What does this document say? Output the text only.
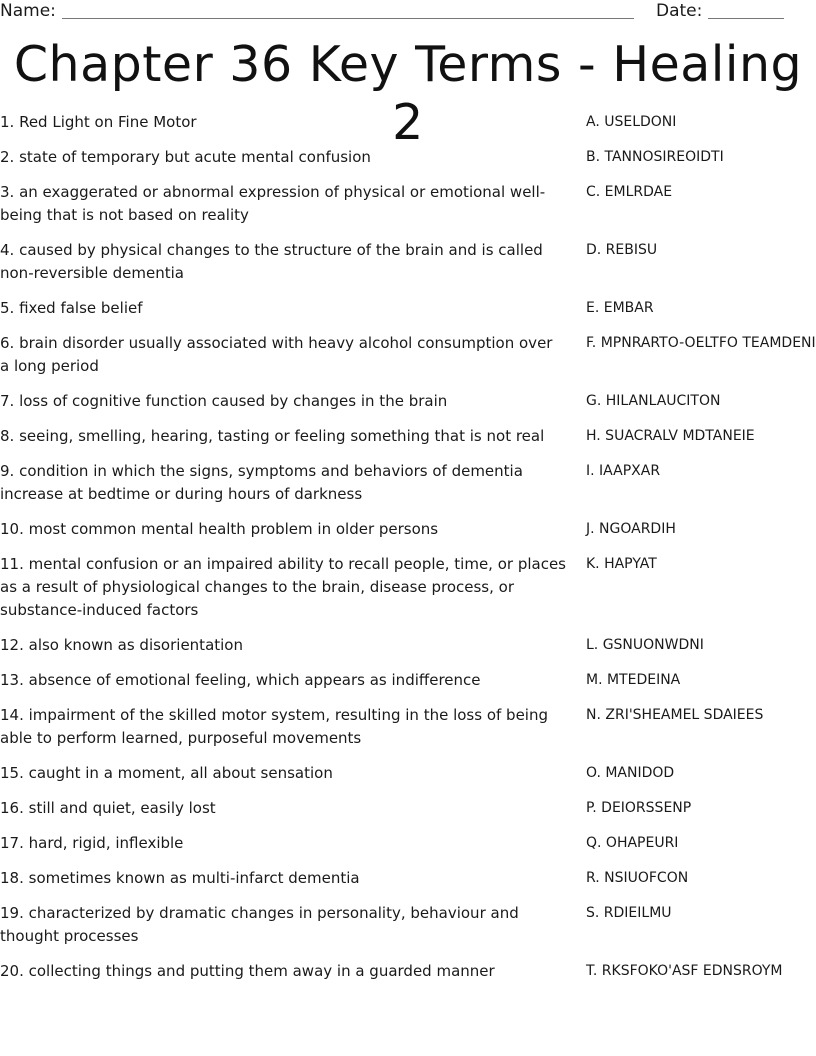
Name:	Date:
Chapter 36 Key Terms - Healing 2
1. Red Light on Fine Motor	A. USELDONI
2. state of temporary but acute mental confusion	B. TANNOSIREOIDTI
3. an exaggerated or abnormal expression of physical or emotional well-being that is not based on reality
C. EMLRDAE
4. caused by physical changes to the structure of the brain and is called non-reversible dementia
D. REBISU
5. fixed false belief	E. EMBAR
6. brain disorder usually associated with heavy alcohol consumption over a long period
F. MPNRARTO-OELTFO TEAMDENI
7. loss of cognitive function caused by changes in the brain	G. HILANLAUCITON
8. seeing, smelling, hearing, tasting or feeling something that is not real	H. SUACRALV MDTANEIE
9. condition in which the signs, symptoms and behaviors of dementia increase at bedtime or during hours of darkness
I. IAAPXAR
10. most common mental health problem in older persons	J. NGOARDIH
11. mental confusion or an impaired ability to recall people, time, or places as a result of physiological changes to the brain, disease process, or substance-induced factors
K. HAPYAT
12. also known as disorientation	L. GSNUONWDNI
13. absence of emotional feeling, which appears as indifference	M. MTEDEINA
14. impairment of the skilled motor system, resulting in the loss of being able to perform learned, purposeful movements
N. ZRI'SHEAMEL SDAIEES
15. caught in a moment, all about sensation	O. MANIDOD
16. still and quiet, easily lost	P. DEIORSSENP
17. hard, rigid, inflexible	Q. OHAPEURI
18. sometimes known as multi-infarct dementia	R. NSIUOFCON
19. characterized by dramatic changes in personality, behaviour and thought processes
S. RDIEILMU
20. collecting things and putting them away in a guarded manner	T. RKSFOKO'ASF EDNSROYM
